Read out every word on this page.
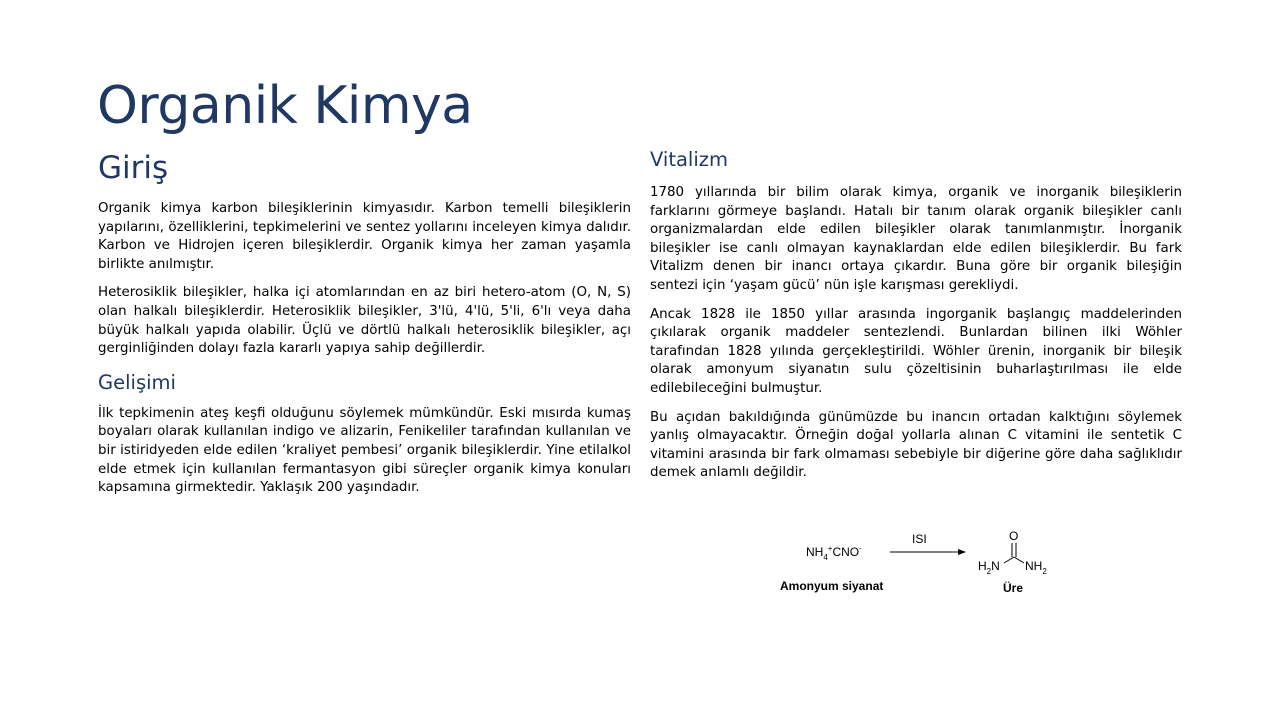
Organik Kimya
Giriş

Organik kimya karbon bileşiklerinin kimyasıdır. Karbon temelli bileşiklerin yapılarını, özelliklerini, tepkimelerini ve sentez yollarını inceleyen kimya dalıdır. Karbon ve Hidrojen içeren bileşiklerdir. Organik kimya her zaman yaşamla birlikte anılmıştır.

Heterosiklik bileşikler, halka içi atomlarından en az biri hetero-atom (O, N, S) olan halkalı bileşiklerdir. Heterosiklik bileşikler, 3'lü, 4'lü, 5'li, 6'lı veya daha büyük halkalı yapıda olabilir. Üçlü ve dörtlü halkalı heterosiklik bileşikler, açı gerginliğinden dolayı fazla kararlı yapıya sahip değillerdir.

Gelişimi

İlk tepkimenin ateş keşfi olduğunu söylemek mümkündür. Eski mısırda kumaş boyaları olarak kullanılan indigo ve alizarin, Fenikeliler tarafından kullanılan ve bir istiridyeden elde edilen ‘kraliyet pembesi’ organik bileşiklerdir. Yine etilalkol elde etmek için kullanılan fermantasyon gibi süreçler organik kimya konuları kapsamına girmektedir. Yaklaşık 200 yaşındadır.

Vitalizm

1780 yıllarında bir bilim olarak kimya, organik ve inorganik bileşiklerin farklarını görmeye başlandı. Hatalı bir tanım olarak organik bileşikler canlı organizmalardan elde edilen bileşikler olarak tanımlanmıştır. İnorganik bileşikler ise canlı olmayan kaynaklardan elde edilen bileşiklerdir. Bu fark Vitalizm denen bir inancı ortaya çıkardır. Buna göre bir organik bileşiğin sentezi için ‘yaşam gücü’ nün işle karışması gerekliydi.

Ancak 1828 ile 1850 yıllar arasında ingorganik başlangıç maddelerinden çıkılarak organik maddeler sentezlendi. Bunlardan bilinen ilki Wöhler tarafından 1828 yılında gerçekleştirildi. Wöhler ürenin, inorganik bir bileşik olarak amonyum siyanatın sulu çözeltisinin buharlaştırılması ile elde edilebileceğini bulmuştur.

Bu açıdan bakıldığında günümüzde bu inancın ortadan kalktığını söylemek yanlış olmayacaktır. Örneğin doğal yollarla alınan C vitamini ile sentetik C vitamini arasında bir fark olmaması sebebiyle bir diğerine göre daha sağlıklıdır demek anlamlı değildir.

$NH_4^+CNO^-$
Amonyum siyanat
ISI	O
$H_2N$ $NH_2$
Üre
